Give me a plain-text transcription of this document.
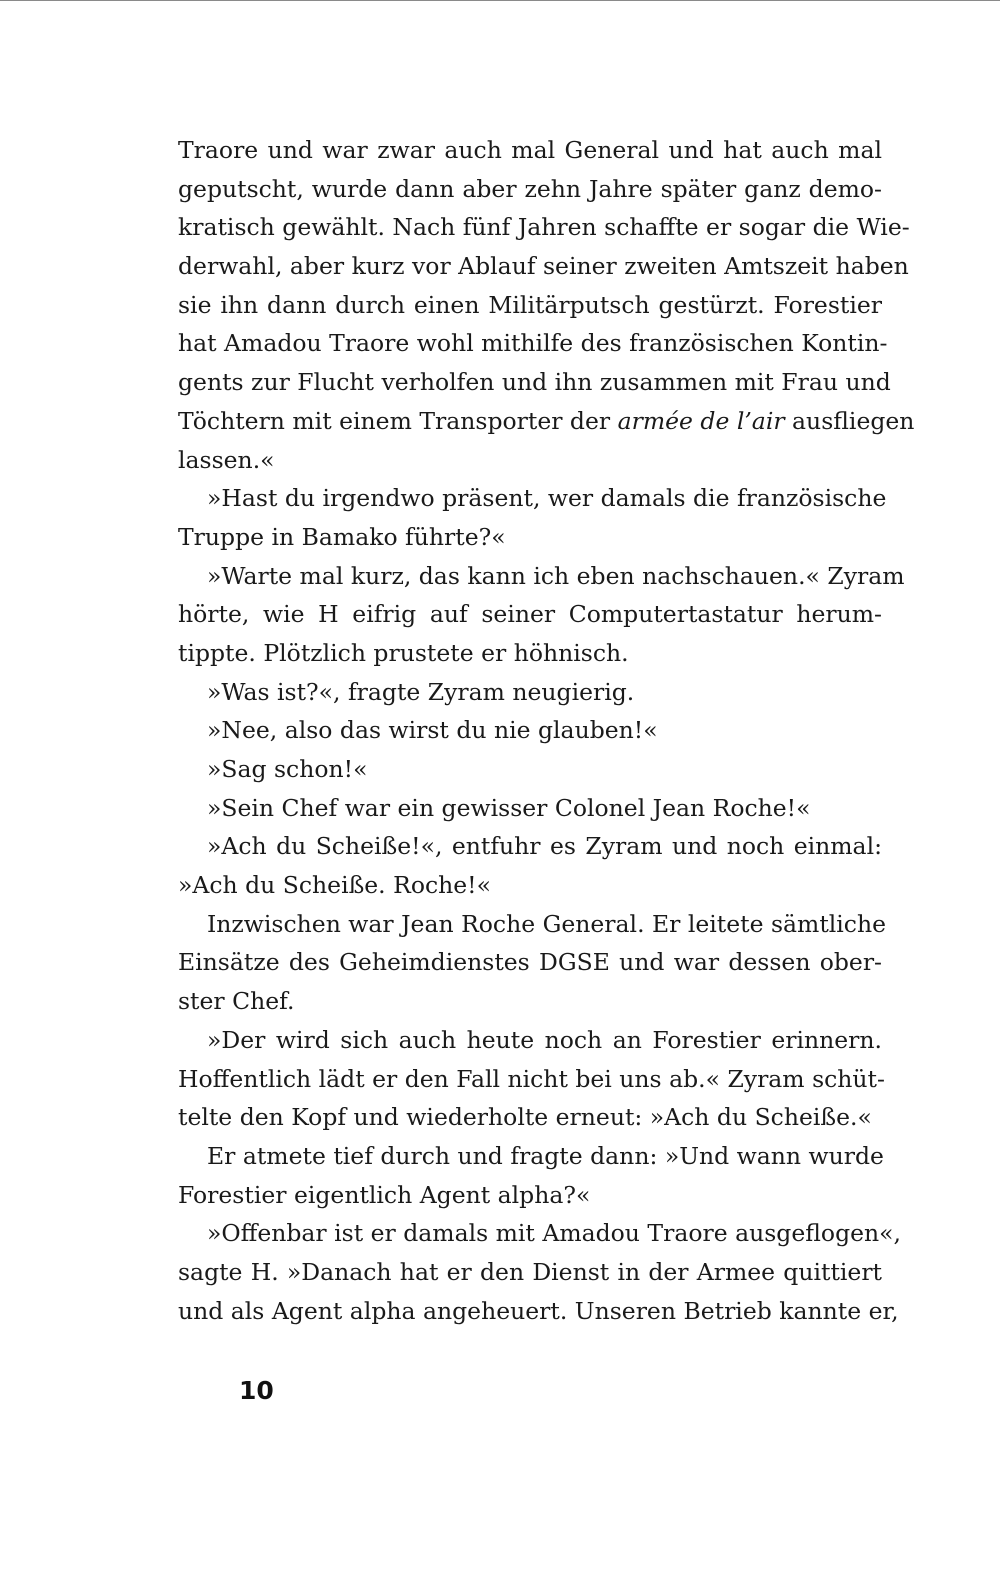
Traore und war zwar auch mal General und hat auch mal
geputscht, wurde dann aber zehn Jahre später ganz demo-
kratisch gewählt. Nach fünf Jahren schaffte er sogar die Wie-
derwahl, aber kurz vor Ablauf seiner zweiten Amtszeit haben
sie ihn dann durch einen Militärputsch gestürzt. Forestier
hat Amadou Traore wohl mithilfe des französischen Kontin-
gents zur Flucht verholfen und ihn zusammen mit Frau und
Töchtern mit einem Transporter der armée de l’air ausfliegen
lassen.«
»Hast du irgendwo präsent, wer damals die französische
Truppe in Bamako führte?«
»Warte mal kurz, das kann ich eben nachschauen.« Zyram
hörte, wie H eifrig auf seiner Computertastatur herum-
tippte. Plötzlich prustete er höhnisch.
»Was ist?«, fragte Zyram neugierig.
»Nee, also das wirst du nie glauben!«
»Sag schon!«
»Sein Chef war ein gewisser Colonel Jean Roche!«
»Ach du Scheiße!«, entfuhr es Zyram und noch einmal:
»Ach du Scheiße. Roche!«
Inzwischen war Jean Roche General. Er leitete sämtliche
Einsätze des Geheimdienstes DGSE und war dessen ober-
ster Chef.
»Der wird sich auch heute noch an Forestier erinnern.
Hoffentlich lädt er den Fall nicht bei uns ab.« Zyram schüt-
telte den Kopf und wiederholte erneut: »Ach du Scheiße.«
Er atmete tief durch und fragte dann: »Und wann wurde
Forestier eigentlich Agent alpha?«
»Offenbar ist er damals mit Amadou Traore ausgeflogen«,
sagte H. »Danach hat er den Dienst in der Armee quittiert
und als Agent alpha angeheuert. Unseren Betrieb kannte er,
10
